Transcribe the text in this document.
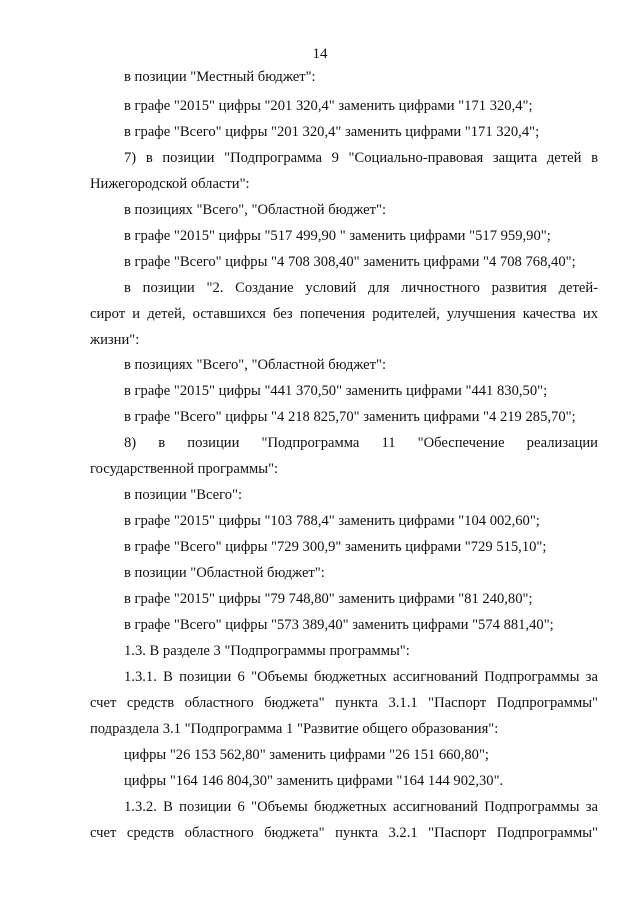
14
в позиции "Местный бюджет":
в графе "2015" цифры "201 320,4" заменить цифрами "171 320,4";
в графе "Всего" цифры "201 320,4" заменить цифрами "171 320,4";
7) в позиции "Подпрограмма 9 "Социально-правовая защита детей в
Нижегородской области":
в позициях "Всего", "Областной бюджет":
в графе "2015" цифры "517 499,90 " заменить цифрами "517 959,90";
в графе "Всего" цифры "4 708 308,40" заменить цифрами "4 708 768,40";
в позиции "2. Создание условий для личностного развития детей-
сирот и детей, оставшихся без попечения родителей, улучшения качества их
жизни":
в позициях "Всего", "Областной бюджет":
в графе "2015" цифры "441 370,50" заменить цифрами "441 830,50";
в графе "Всего" цифры "4 218 825,70" заменить цифрами "4 219 285,70";
8) в позиции "Подпрограмма 11 "Обеспечение реализации
государственной программы":
в позиции "Всего":
в графе "2015" цифры "103 788,4" заменить цифрами "104 002,60";
в графе "Всего" цифры "729 300,9" заменить цифрами "729 515,10";
в позиции "Областной бюджет":
в графе "2015" цифры "79 748,80" заменить цифрами "81 240,80";
в графе "Всего" цифры "573 389,40" заменить цифрами "574 881,40";
1.3. В разделе 3 "Подпрограммы программы":
1.3.1. В позиции 6 "Объемы бюджетных ассигнований Подпрограммы за
счет средств областного бюджета" пункта 3.1.1 "Паспорт Подпрограммы"
подраздела 3.1 "Подпрограмма 1 "Развитие общего образования":
цифры "26 153 562,80" заменить цифрами "26 151 660,80";
цифры "164 146 804,30" заменить цифрами "164 144 902,30".
1.3.2. В позиции 6 "Объемы бюджетных ассигнований Подпрограммы за
счет средств областного бюджета" пункта 3.2.1 "Паспорт Подпрограммы"
· · · ·
